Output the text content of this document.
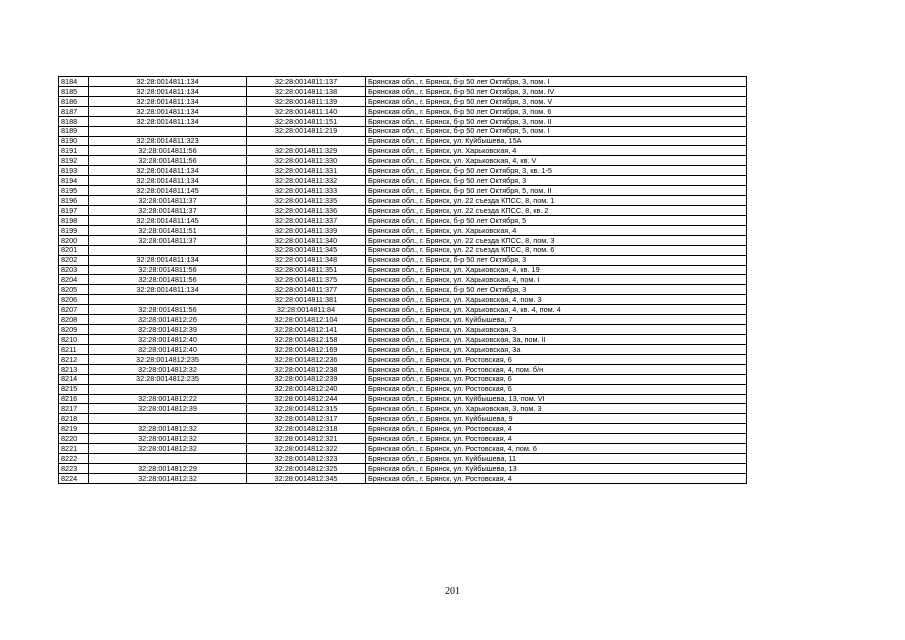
8184	32:28:0014811:134	32:28:0014811:137	Брянская обл., г. Брянск, б-р 50 лет Октября, 3, пом. I
8185	32:28:0014811:134	32:28:0014811:138	Брянская обл., г. Брянск, б-р 50 лет Октября, 3, пом. IV
8186	32:28:0014811:134	32:28:0014811:139	Брянская обл., г. Брянск, б-р 50 лет Октября, 3, пом. V
8187	32:28:0014811:134	32:28:0014811:140	Брянская обл., г. Брянск, б-р 50 лет Октября, 3, пом. 6
8188	32:28:0014811:134	32:28:0014811:151	Брянская обл., г. Брянск, б-р 50 лет Октября, 3, пом. II
8189		32:28:0014811:219	Брянская обл., г. Брянск, б-р 50 лет Октября, 5, пом. I
8190	32:28:0014811:323		Брянская обл., г. Брянск, ул. Куйбышева, 15А
8191	32:28:0014811:56	32:28:0014811:329	Брянская обл., г. Брянск, ул. Харьковская, 4
8192	32:28:0014811:56	32:28:0014811:330	Брянская обл., г. Брянск, ул. Харьковская, 4, кв. V
8193	32:28:0014811:134	32:28:0014811:331	Брянская обл., г. Брянск, б-р 50 лет Октября, 3, кв. 1-5
8194	32:28:0014811:134	32:28:0014811:332	Брянская обл., г. Брянск, б-р 50 лет Октября, 3
8195	32:28:0014811:145	32:28:0014811:333	Брянская обл., г. Брянск, б-р 50 лет Октября, 5, пом. II
8196	32:28:0014811:37	32:28:0014811:335	Брянская обл., г. Брянск, ул. 22 съезда КПСС, 8, пом. 1
8197	32:28:0014811:37	32:28:0014811:336	Брянская обл., г. Брянск, ул. 22 съезда КПСС, 8, кв. 2
8198	32:28:0014811:145	32:28:0014811:337	Брянская обл., г. Брянск, б-р 50 лет Октября, 5
8199	32:28:0014811:51	32:28:0014811:339	Брянская обл., г. Брянск, ул. Харьковская, 4
8200	32:28:0014811:37	32:28:0014811:340	Брянская обл., г. Брянск, ул. 22 съезда КПСС, 8, пом. 3
8201		32:28:0014811:345	Брянская обл., г. Брянск, ул. 22 съезда КПСС, 8, пом. 6
8202	32:28:0014811:134	32:28:0014811:348	Брянская обл., г. Брянск, б-р 50 лет Октября, 3
8203	32:28:0014811:56	32:28:0014811:351	Брянская обл., г. Брянск, ул. Харьковская, 4, кв. 19
8204	32:28:0014811:56	32:28:0014811:375	Брянская обл., г. Брянск, ул. Харьковская, 4, пом. I
8205	32:28:0014811:134	32:28:0014811:377	Брянская обл., г. Брянск, б-р 50 лет Октября, 3
8206		32:28:0014811:381	Брянская обл., г. Брянск, ул. Харьковская, 4, пом. 3
8207	32:28:0014811:56	32:28:0014811:84	Брянская обл., г. Брянск, ул. Харьковская, 4, кв. 4, пом. 4
8208	32:28:0014812:26	32:28:0014812:104	Брянская обл., г. Брянск, ул. Куйбышева, 7
8209	32:28:0014812:39	32:28:0014812:141	Брянская обл., г. Брянск, ул. Харьковская, 3
8210	32:28:0014812:40	32:28:0014812:158	Брянская обл., г. Брянск, ул. Харьковская, 3а, пом. II
8211	32:28:0014812:40	32:28:0014812:169	Брянская обл., г. Брянск, ул. Харьковская, 3а
8212	32:28:0014812:235	32:28:0014812:236	Брянская обл., г. Брянск, ул. Ростовская, 6
8213	32:28:0014812:32	32:28:0014812:238	Брянская обл., г. Брянск, ул. Ростовская, 4, пом. б/н
8214	32:28:0014812:235	32:28:0014812:239	Брянская обл., г. Брянск, ул. Ростовская, 6
8215		32:28:0014812:240	Брянская обл., г. Брянск, ул. Ростовская, 6
8216	32:28:0014812:22	32:28:0014812:244	Брянская обл., г. Брянск, ул. Куйбышева, 13, пом. VI
8217	32:28:0014812:39	32:28:0014812:315	Брянская обл., г. Брянск, ул. Харьковская, 3, пом. 3
8218		32:28:0014812:317	Брянская обл., г. Брянск, ул. Куйбышева, 9
8219	32:28:0014812:32	32:28:0014812:318	Брянская обл., г. Брянск, ул. Ростовская, 4
8220	32:28:0014812:32	32:28:0014812:321	Брянская обл., г. Брянск, ул. Ростовская, 4
8221	32:28:0014812:32	32:28:0014812:322	Брянская обл., г. Брянск, ул. Ростовская, 4, пом. 6
8222		32:28:0014812:323	Брянская обл., г. Брянск, ул. Куйбышева, 11
8223	32:28:0014812:29	32:28:0014812:325	Брянская обл., г. Брянск, ул. Куйбышева, 13
8224	32:28:0014812:32	32:28:0014812:345	Брянская обл., г. Брянск, ул. Ростовская, 4
201
